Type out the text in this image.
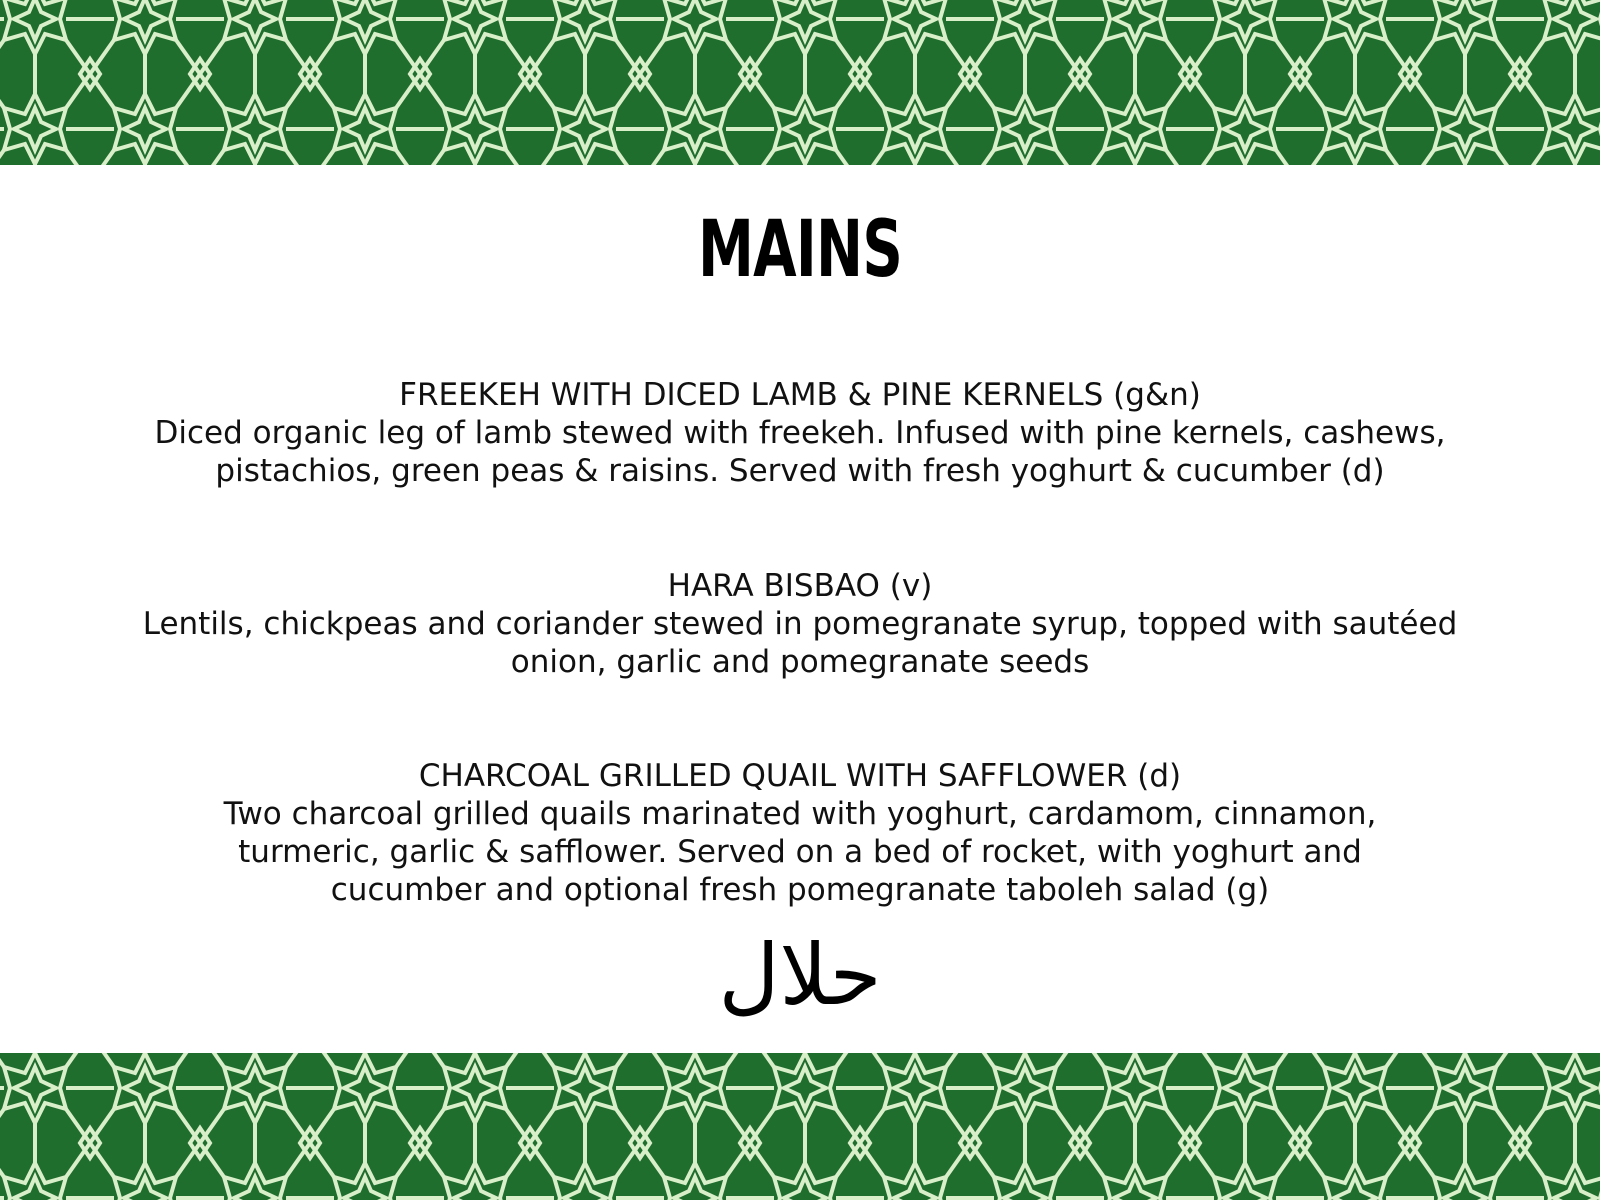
MAINS
FREEKEH WITH DICED LAMB & PINE KERNELS (g&n)
Diced organic leg of lamb stewed with freekeh. Infused with pine kernels, cashews, pistachios, green peas & raisins. Served with fresh yoghurt & cucumber (d)
HARA BISBAO (v)
Lentils, chickpeas and coriander stewed in pomegranate syrup, topped with sautéed onion, garlic and pomegranate seeds
CHARCOAL GRILLED QUAIL WITH SAFFLOWER (d)
Two charcoal grilled quails marinated with yoghurt, cardamom, cinnamon, turmeric, garlic & safflower. Served on a bed of rocket, with yoghurt and cucumber and optional fresh pomegranate taboleh salad (g)
حلال
